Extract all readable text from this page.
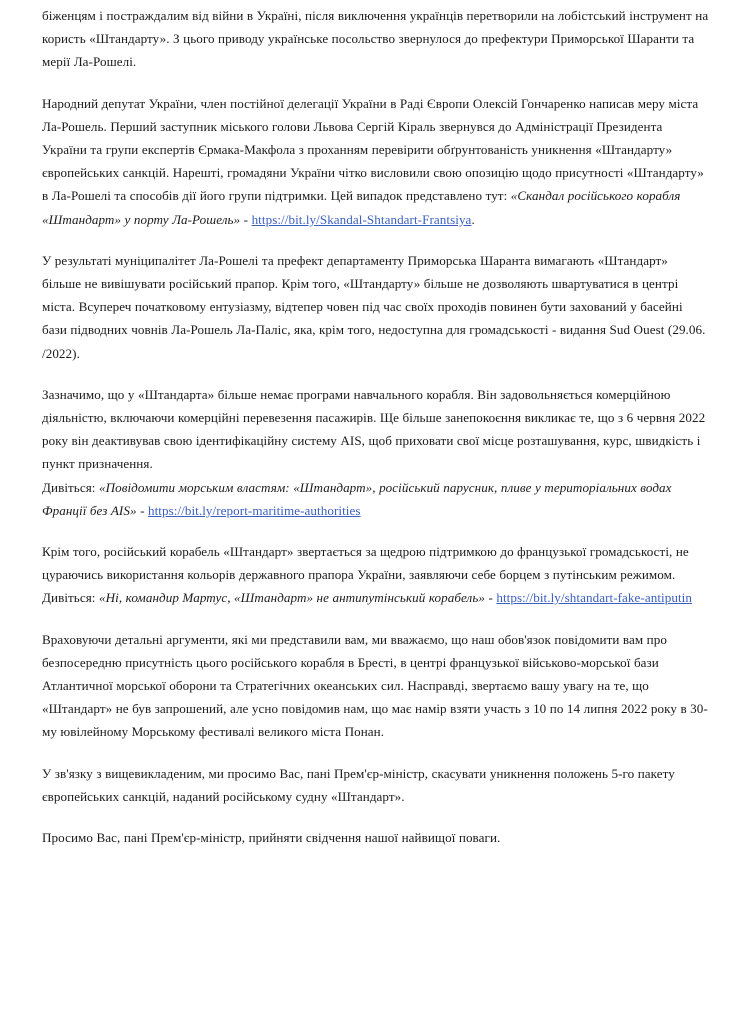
біженцям і постраждалим від війни в Україні, після виключення українців перетворили на лобістський інструмент на користь «Штандарту». З цього приводу українське посольство звернулося до префектури Приморської Шаранти та мерії Ла-Рошелі.

Народний депутат України, член постійної делегації України в Раді Європи Олексій Гончаренко написав меру міста Ла-Рошель. Перший заступник міського голови Львова Сергій Кіраль звернувся до Адміністрації Президента України та групи експертів Єрмака-Макфола з проханням перевірити обґрунтованість уникнення «Штандарту» європейських санкцій. Нарешті, громадяни України чітко висловили свою опозицію щодо присутності «Штандарту» в Ла-Рошелі та способів дії його групи підтримки. Цей випадок представлено тут: «Скандал російського корабля «Штандарт» у порту Ла-Рошель» - https://bit.ly/Skandal-Shtandart-Frantsiya.

У результаті муніципалітет Ла-Рошелі та префект департаменту Приморська Шаранта вимагають «Штандарт» більше не вивішувати російський прапор. Крім того, «Штандарту» більше не дозволяють швартуватися в центрі міста. Всупереч початковому ентузіазму, відтепер човен під час своїх проходів повинен бути захований у басейні бази підводних човнів Ла-Рошель Ла-Паліс, яка, крім того, недоступна для громадськості - видання Sud Ouest (29.06. /2022).

Зазначимо, що у «Штандарта» більше немає програми навчального корабля. Він задовольняється комерційною діяльністю, включаючи комерційні перевезення пасажирів. Ще більше занепокоєння викликає те, що з 6 червня 2022 року він деактивував свою ідентифікаційну систему AIS, щоб приховати свої місце розташування, курс, швидкість і пункт призначення.

Дивіться: «Повідомити морським властям: «Штандарт», російський парусник, пливе у територіальних водах Франції без AIS» - https://bit.ly/report-maritime-authorities

Крім того, російський корабель «Штандарт» звертається за щедрою підтримкою до французької громадськості, не цураючись використання кольорів державного прапора України, заявляючи себе борцем з путінським режимом.

Дивіться: «Ні, командир Мартус, «Штандарт» не антипутінський корабель» - https://bit.ly/shtandart-fake-antiputin

Враховуючи детальні аргументи, які ми представили вам, ми вважаємо, що наш обов'язок повідомити вам про безпосередню присутність цього російського корабля в Бресті, в центрі французької військово-морської бази Атлантичної морської оборони та Стратегічних океанських сил. Насправді, звертаємо вашу увагу на те, що «Штандарт» не був запрошений, але усно повідомив нам, що має намір взяти участь з 10 по 14 липня 2022 року в 30-му ювілейному Морському фестивалі великого міста Понан.

У зв'язку з вищевикладеним, ми просимо Вас, пані Прем'єр-міністр, скасувати уникнення положень 5-го пакету європейських санкцій, наданий російському судну «Штандарт».

Просимо Вас, пані Прем'єр-міністр, прийняти свідчення нашої найвищої поваги.
